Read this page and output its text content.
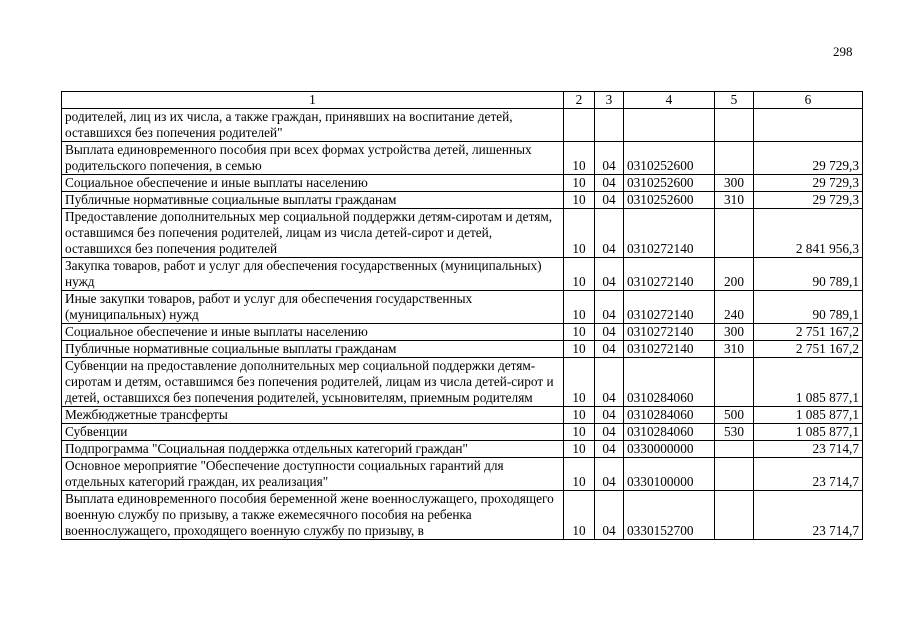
298
1	2	3	4	5	6
родителей, лиц из их числа, а также граждан, принявших на воспитание детей, оставшихся без попечения родителей"					
Выплата единовременного пособия при всех формах устройства детей, лишенных родительского попечения, в семью	10	04	0310252600		29 729,3
Социальное обеспечение и иные выплаты населению	10	04	0310252600	300	29 729,3
Публичные нормативные социальные выплаты гражданам	10	04	0310252600	310	29 729,3
Предоставление дополнительных мер социальной поддержки детям-сиротам и детям, оставшимся без попечения родителей, лицам из числа детей-сирот и детей, оставшихся без попечения родителей	10	04	0310272140		2 841 956,3
Закупка товаров, работ и услуг для обеспечения государственных (муниципальных) нужд	10	04	0310272140	200	90 789,1
Иные закупки товаров, работ и услуг для обеспечения государственных (муниципальных) нужд	10	04	0310272140	240	90 789,1
Социальное обеспечение и иные выплаты населению	10	04	0310272140	300	2 751 167,2
Публичные нормативные социальные выплаты гражданам	10	04	0310272140	310	2 751 167,2
Субвенции на предоставление дополнительных мер социальной поддержки детям-сиротам и детям, оставшимся без попечения родителей, лицам из числа детей-сирот и детей, оставшихся без попечения родителей, усыновителям, приемным родителям	10	04	0310284060		1 085 877,1
Межбюджетные трансферты	10	04	0310284060	500	1 085 877,1
Субвенции	10	04	0310284060	530	1 085 877,1
Подпрограмма "Социальная поддержка отдельных категорий граждан"	10	04	0330000000		23 714,7
Основное мероприятие "Обеспечение доступности социальных гарантий для отдельных категорий граждан, их реализация"	10	04	0330100000		23 714,7
Выплата единовременного пособия беременной жене военнослужащего, проходящего военную службу по призыву, а также ежемесячного пособия на ребенка военнослужащего, проходящего военную службу по призыву, в	10	04	0330152700		23 714,7
